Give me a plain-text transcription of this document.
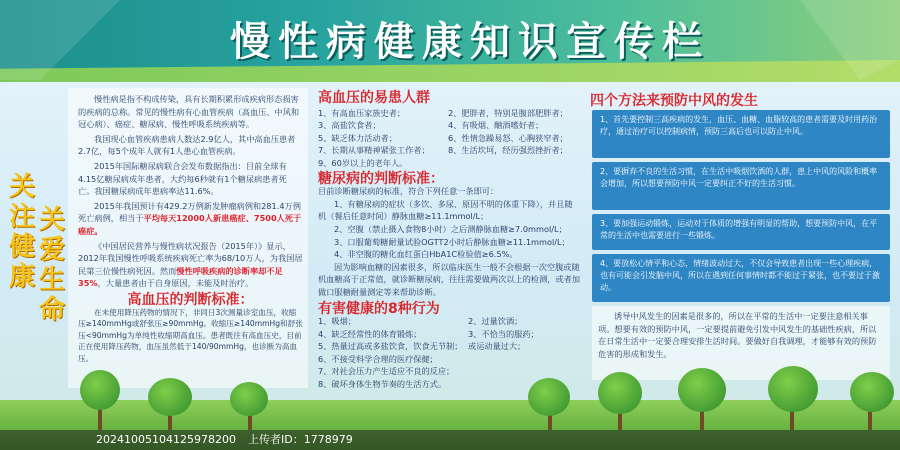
慢性病健康知识宣传栏
关注健康
关爱生命

慢性病是指不构成传染，具有长期积累形成疾病形态损害的疾病的总称。常见的慢性病有心血管疾病（高血压、中风和冠心病）、癌症、糖尿病、慢性呼吸系统疾病等。

我国现心血管疾病患病人数达2.9亿人，其中高血压患者2.7亿，每5个成年人就有1人患心血管疾病。

2015年国际糖尿病联合会发布数据指出：目前全球有4.15亿糖尿病成年患者，大约每6秒就有1个糖尿病患者死亡。我国糖尿病成年患病率达11.6%。

2015年我国预计有429.2万例新发肿瘤病例和281.4万例死亡病例，相当于平均每天12000人新患癌症、7500人死于癌症。

《中国居民营养与慢性病状况报告（2015年）》显示，2012年我国慢性呼吸系统疾病死亡率为68/10万人，为我国居民第三位慢性病死因。然而慢性呼吸疾病的诊断率却不足35%，大量患者由于自身原因，未能及时治疗。

高血压的判断标准：

在未使用降压药物的情况下，非同日3次测量诊室血压，收缩压≥140mmHg或舒张压≥90mmHg。收缩压≥140mmHg和舒张压<90mmHg为单纯性收缩期高血压。患者既往有高血压史，目前正在使用降压药物，血压虽然低于140/90mmHg，也诊断为高血压。

高血压的易患人群

1、有高血压家族史者；

3、高盐饮食者；

5、缺乏体力活动者；

7、长期从事精神紧张工作者；

9、60岁以上的老年人。

2、肥胖者，特别是腹部肥胖者；

4、有吸烟、酗酒嗜好者；

6、性情急躁易怒、心胸狭窄者；

8、生活坎坷，经历强烈挫折者；

糖尿病的判断标准：

目前诊断糖尿病的标准，符合下列任意一条即可：

1、有糖尿病的症状（多饮、多尿、原因不明的体重下降），并且随机（餐后任意时间）静脉血糖≥11.1mmol/L；

2、空腹（禁止摄入食物8小时）之后测静脉血糖≥7.0mmol/L；

3、口服葡萄糖耐量试验OGTT2小时后静脉血糖≥11.1mmol/L；

4、非空腹的糖化血红蛋白HbA1C检验值≥6.5%。

因为影响血糖的因素很多，所以临床医生一般不会根据一次空腹或随机血糖高于正常值，就诊断糖尿病，往往需要做两次以上的检测，或者加做口服糖耐量测定等来帮助诊断。

有害健康的8种行为

1、吸烟；

4、缺乏经常性的体育锻炼；

5、热量过高或多盐饮食，饮食无节制；

6、不接受科学合理的医疗保健；

7、对社会压力产生适应不良的反应；

8、破坏身体生物节奏的生活方式。

2、过量饮酒；

3、不恰当的服药；

或运动量过大；

四个方法来预防中风的发生

1、首先要控制三高疾病的发生，血压、血糖、血脂较高的患者需要及时用药治疗，通过治疗可以控制病情，预防三高后也可以防止中风。
2、要摒弃不良的生活习惯，在生活中吸烟饮酒的人群，患上中风的风险和概率会增加，所以想要预防中风一定要纠正不好的生活习惯。
3、要加强运动锻炼，运动对于体质的增强有明显的帮助，想要预防中风，在平常的生活中也需要进行一些锻炼。
4、要放松心情平和心态，情绪波动过大，不仅会导致患者出现一些心理疾病，也有可能会引发脑中风，所以在遇到任何事情时都不能过于紧张，也不要过于激动。

诱导中风发生的因素是很多的，所以在平常的生活中一定要注意相关事项。想要有效的预防中风，一定要提前避免引发中风发生的基础性疾病，所以在日常生活中一定要合理安排生活时间。要做好自我调理，才能够有效的预防危害的形成和发生。

20241005104125978200 上传者ID：1778979
